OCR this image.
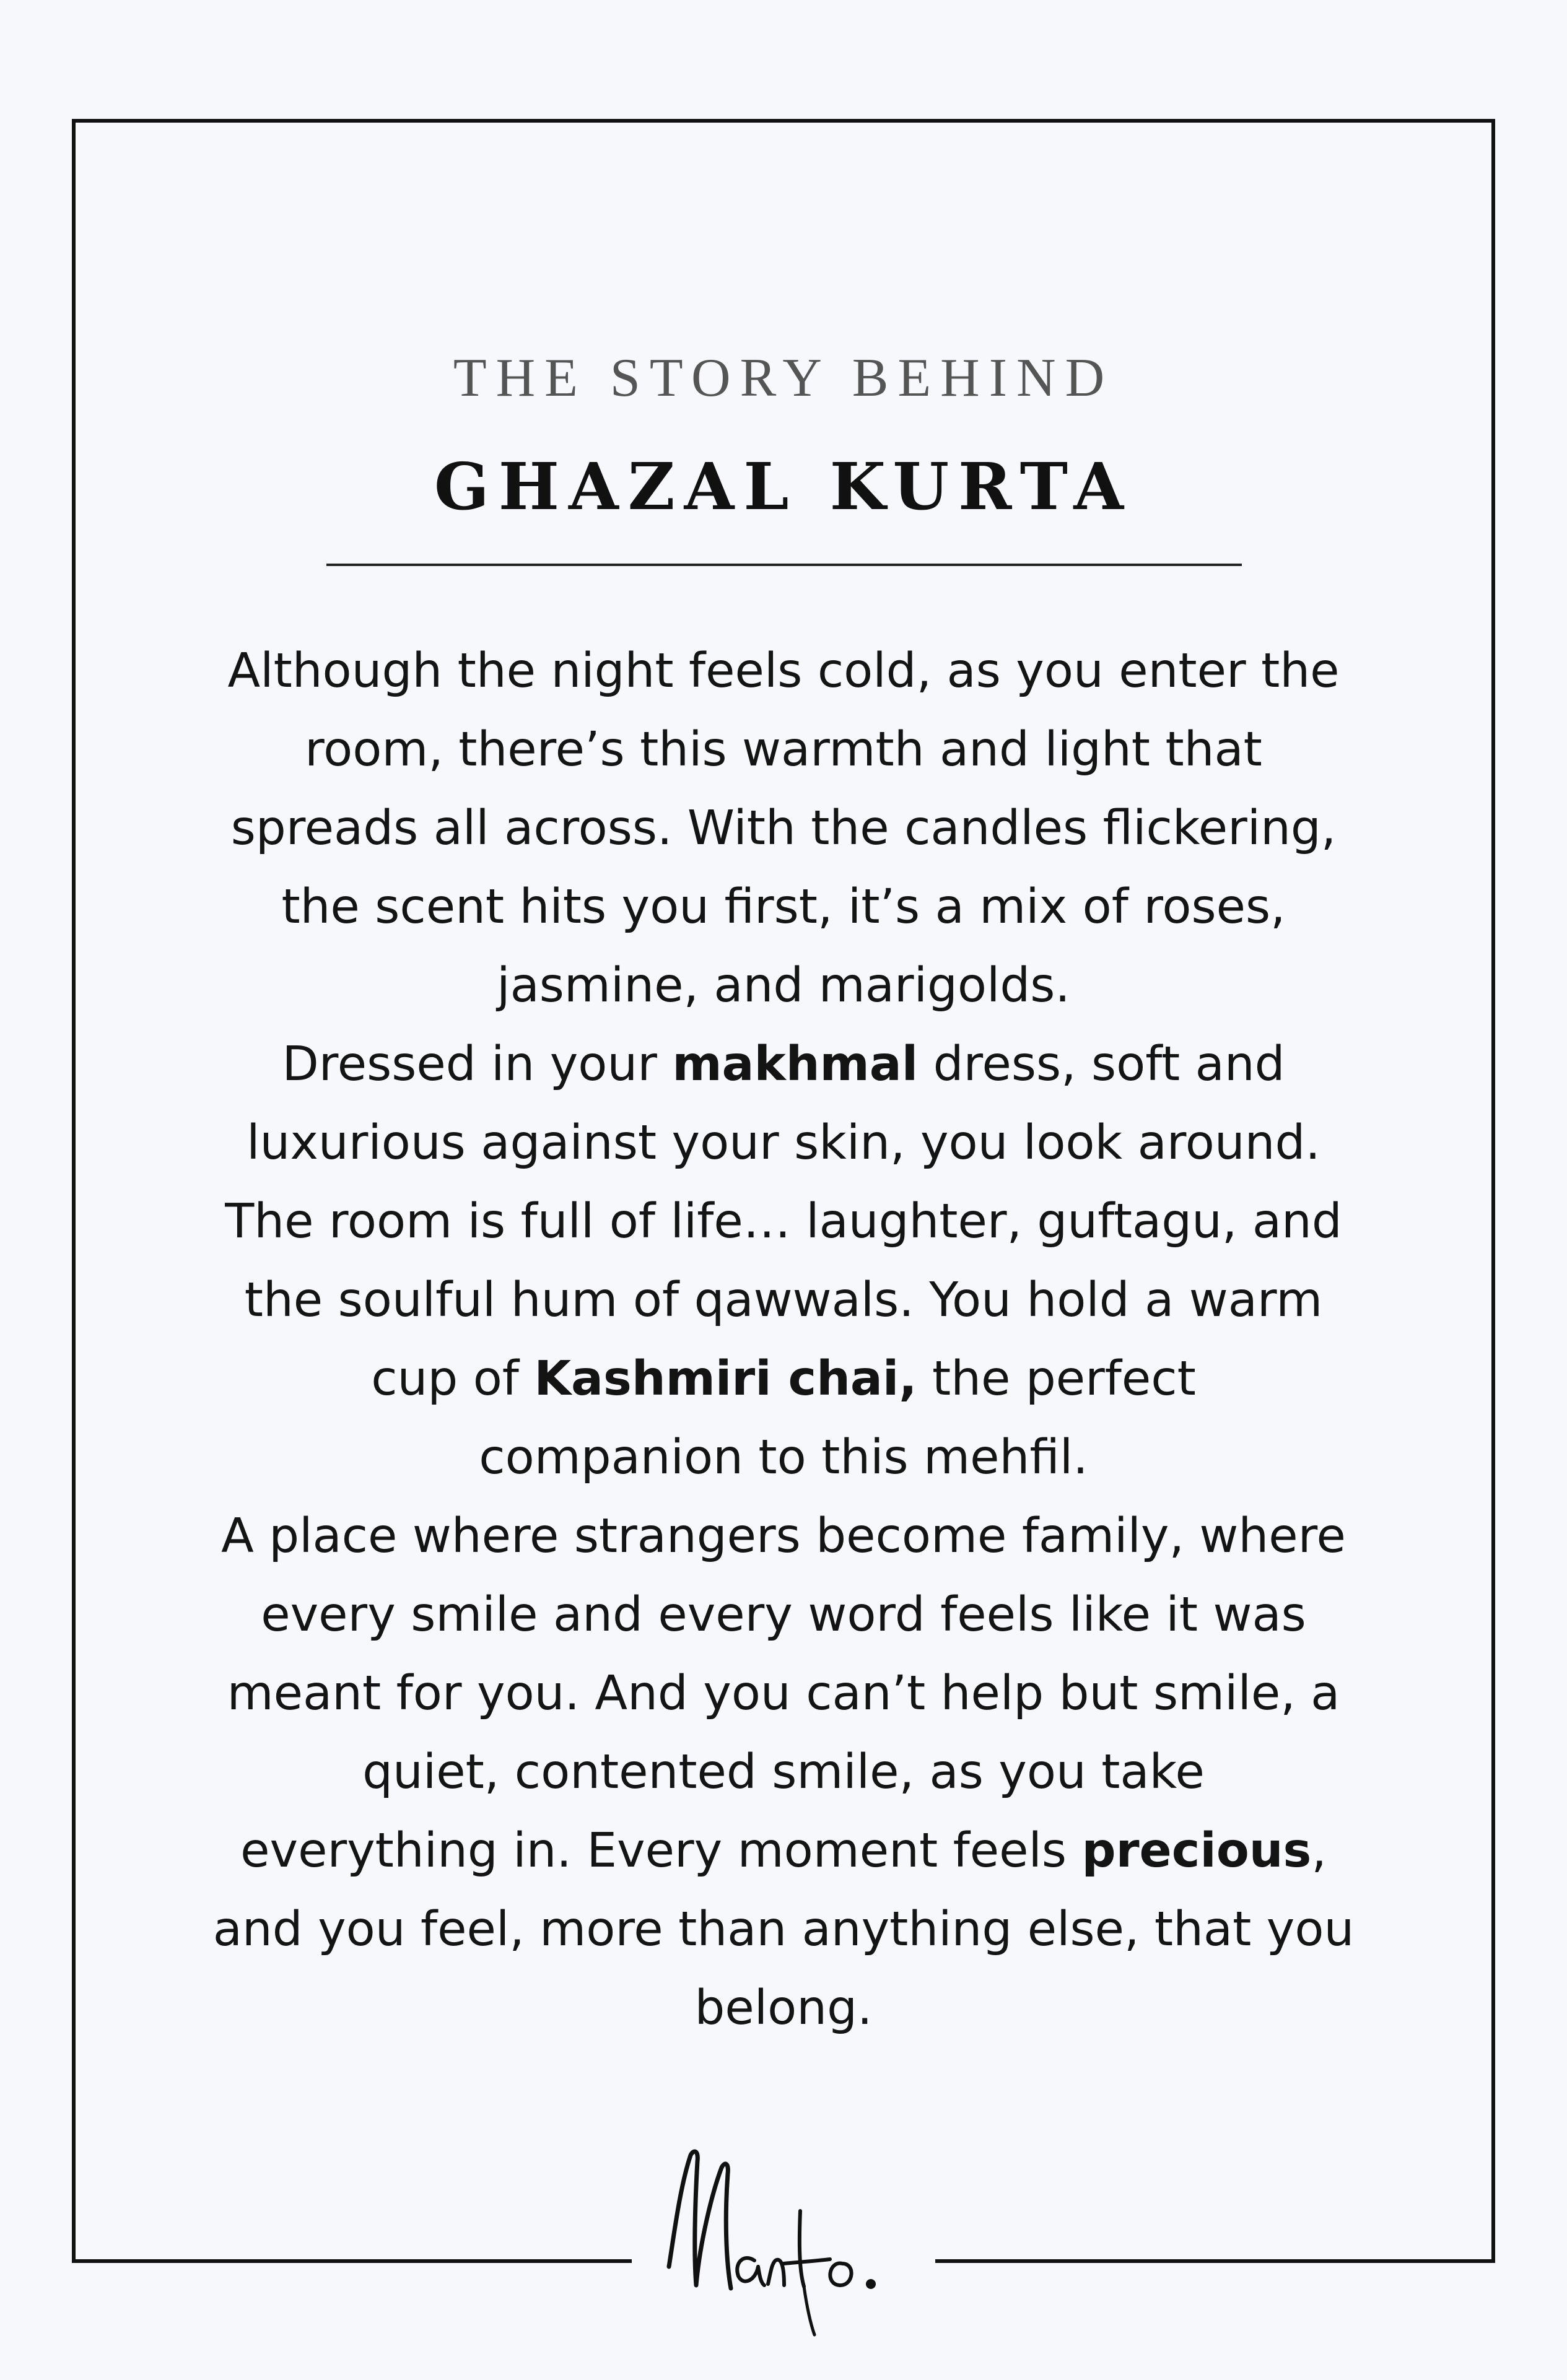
THE STORY BEHIND
GHAZAL KURTA
Although the night feels cold, as you enter the
room, there’s this warmth and light that
spreads all across. With the candles flickering,
the scent hits you first, it’s a mix of roses,
jasmine, and marigolds.
Dressed in your makhmal dress, soft and
luxurious against your skin, you look around.
The room is full of life… laughter, guftagu, and
the soulful hum of qawwals. You hold a warm
cup of Kashmiri chai, the perfect
companion to this mehfil.
A place where strangers become family, where
every smile and every word feels like it was
meant for you. And you can’t help but smile, a
quiet, contented smile, as you take
everything in. Every moment feels precious,
and you feel, more than anything else, that you
belong.
